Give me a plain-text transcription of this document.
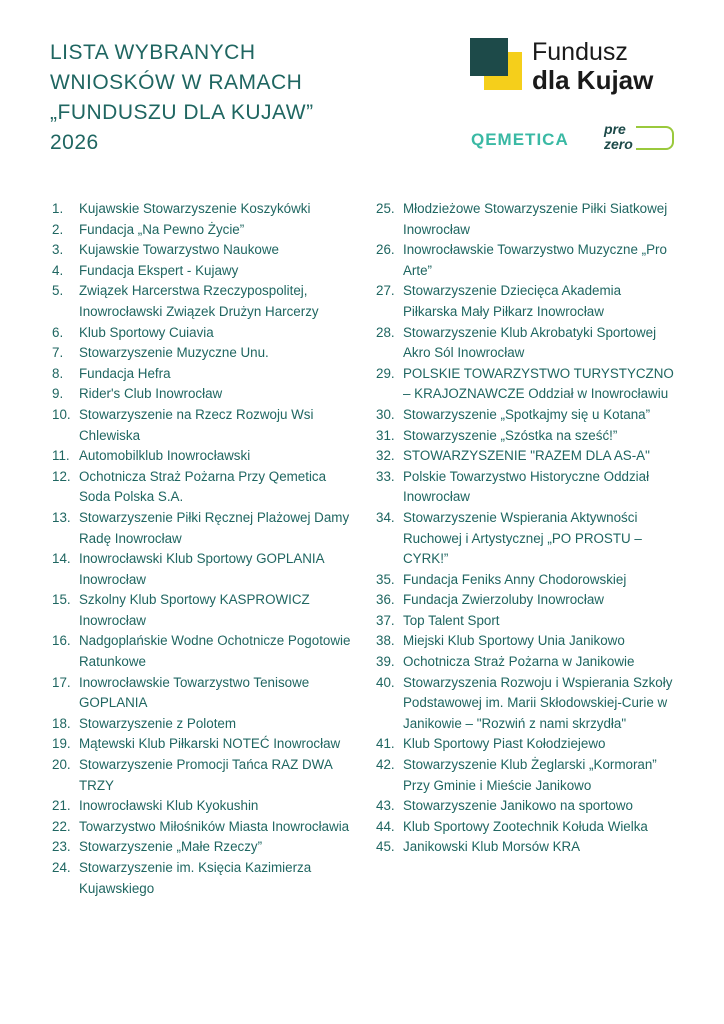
LISTA WYBRANYCH
WNIOSKÓW W RAMACH
„FUNDUSZU DLA KUJAW”
2026
Fundusz
dla Kujaw
QEMETICA
pre
zero
1.	Kujawskie Stowarzyszenie Koszykówki
2.	Fundacja „Na Pewno Życie”
3.	Kujawskie Towarzystwo Naukowe
4.	Fundacja Ekspert - Kujawy
5.	Związek Harcerstwa Rzeczypospolitej, Inowrocławski Związek Drużyn Harcerzy
6.	Klub Sportowy Cuiavia
7.	Stowarzyszenie Muzyczne Unu.
8.	Fundacja Hefra
9.	Rider's Club Inowrocław
10. Stowarzyszenie na Rzecz Rozwoju Wsi Chlewiska
11. Automobilklub Inowrocławski
12. Ochotnicza Straż Pożarna Przy Qemetica Soda Polska S.A.
13. Stowarzyszenie Piłki Ręcznej Plażowej Damy Radę Inowrocław
14. Inowrocławski Klub Sportowy GOPLANIA Inowrocław
15. Szkolny Klub Sportowy KASPROWICZ Inowrocław
16. Nadgoplańskie Wodne Ochotnicze Pogotowie Ratunkowe
17. Inowrocławskie Towarzystwo Tenisowe GOPLANIA
18. Stowarzyszenie z Polotem
19. Mątewski Klub Piłkarski NOTEĆ Inowrocław
20. Stowarzyszenie Promocji Tańca RAZ DWA TRZY
21. Inowrocławski Klub Kyokushin
22. Towarzystwo Miłośników Miasta Inowrocławia
23. Stowarzyszenie „Małe Rzeczy”
24. Stowarzyszenie im. Księcia Kazimierza Kujawskiego
25. Młodzieżowe Stowarzyszenie Piłki Siatkowej Inowrocław
26. Inowrocławskie Towarzystwo Muzyczne „Pro Arte”
27. Stowarzyszenie Dziecięca Akademia Piłkarska Mały Piłkarz Inowrocław
28. Stowarzyszenie Klub Akrobatyki Sportowej Akro Sól Inowrocław
29. POLSKIE TOWARZYSTWO TURYSTYCZNO – KRAJOZNAWCZE Oddział w Inowrocławiu
30. Stowarzyszenie „Spotkajmy się u Kotana”
31. Stowarzyszenie „Szóstka na sześć!”
32. STOWARZYSZENIE "RAZEM DLA AS-A"
33. Polskie Towarzystwo Historyczne Oddział Inowrocław
34. Stowarzyszenie Wspierania Aktywności Ruchowej i Artystycznej „PO PROSTU – CYRK!”
35. Fundacja Feniks Anny Chodorowskiej
36. Fundacja Zwierzoluby Inowrocław
37. Top Talent Sport
38. Miejski Klub Sportowy Unia Janikowo
39. Ochotnicza Straż Pożarna w Janikowie
40. Stowarzyszenia Rozwoju i Wspierania Szkoły Podstawowej im. Marii Skłodowskiej-Curie w Janikowie – "Rozwiń z nami skrzydła"
41. Klub Sportowy Piast Kołodziejewo
42. Stowarzyszenie Klub Żeglarski „Kormoran” Przy Gminie i Mieście Janikowo
43. Stowarzyszenie Janikowo na sportowo
44. Klub Sportowy Zootechnik Kołuda Wielka
45. Janikowski Klub Morsów KRA
